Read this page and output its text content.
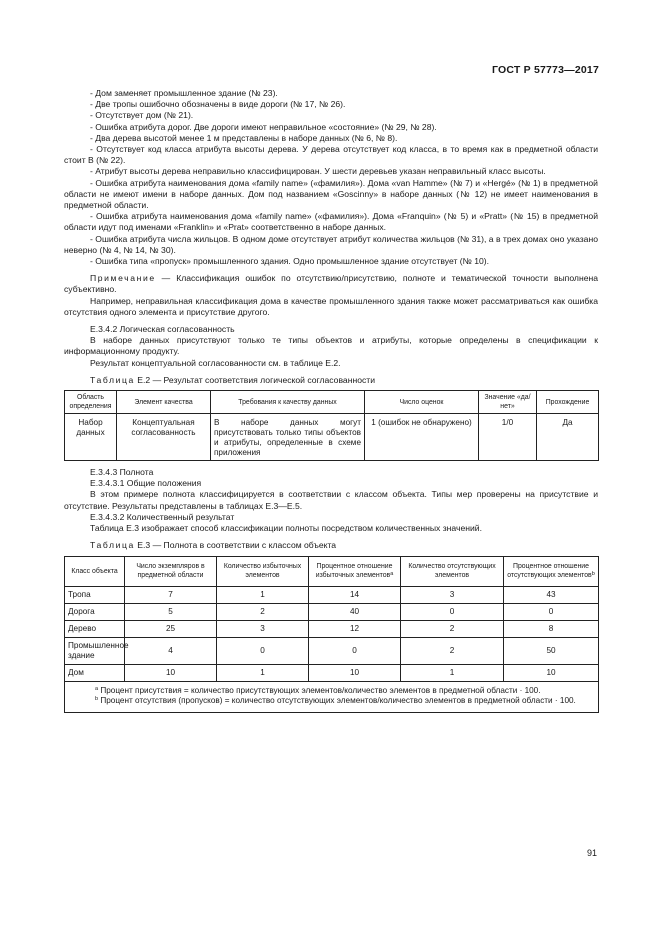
ГОСТ Р 57773—2017

- Дом заменяет промышленное здание (№ 23).

- Две тропы ошибочно обозначены в виде дороги (№ 17, № 26).

- Отсутствует дом (№ 21).

- Ошибка атрибута дорог. Две дороги имеют неправильное «состояние» (№ 29, № 28).

- Два дерева высотой менее 1 м представлены в наборе данных (№ 6, № 8).

- Отсутствует код класса атрибута высоты дерева. У дерева отсутствует код класса, в то время как в предметной области стоит В (№ 22).

- Атрибут высоты дерева неправильно классифицирован. У шести деревьев указан неправильный класс высоты.

- Ошибка атрибута наименования дома «family name» («фамилия»). Дома «van Hamme» (№ 7) и «Hergé» (№ 1) в предметной области не имеют имени в наборе данных. Дом под названием «Goscinny» в наборе данных (№ 12) не имеет наименования в предметной области.

- Ошибка атрибута наименования дома «family name» («фамилия»). Дома «Franquin» (№ 5) и «Pratt» (№ 15) в предметной области идут под именами «Franklin» и «Prat» соответственно в наборе данных.

- Ошибка атрибута числа жильцов. В одном доме отсутствует атрибут количества жильцов (№ 31), а в трех домах оно указано неверно (№ 4, № 14, № 30).

- Ошибка типа «пропуск» промышленного здания. Одно промышленное здание отсутствует (№ 10).

Примечание — Классификация ошибок по отсутствию/присутствию, полноте и тематической точности выполнена субъективно.

Например, неправильная классификация дома в качестве промышленного здания также может рассматриваться как ошибка отсутствия одного элемента и присутствие другого.

Е.3.4.2 Логическая согласованность

В наборе данных присутствуют только те типы объектов и атрибуты, которые определены в спецификации к информационному продукту.

Результат концептуальной согласованности см. в таблице Е.2.

Таблица Е.2 — Результат соответствия логической согласованности

Область определения	Элемент качества	Требования к качеству данных	Число оценок	Значение «да/нет»	Прохождение
Набор данных	Концептуальная согласованность	В наборе данных могут присутствовать только типы объектов и атрибуты, определенные в схеме приложения	1 (ошибок не обнаружено)	1/0	Да

Е.3.4.3 Полнота

Е.3.4.3.1 Общие положения

В этом примере полнота классифицируется в соответствии с классом объекта. Типы мер проверены на присутствие и отсутствие. Результаты представлены в таблицах Е.3—Е.5.

Е.3.4.3.2 Количественный результат

Таблица Е.3 изображает способ классификации полноты посредством количественных значений.

Таблица Е.3 — Полнота в соответствии с классом объекта

Класс объекта	Число экземпляров в предметной области	Количество избыточных элементов	Процентное отношение избыточных элементов$^a$	Количество отсутствующих элементов	Процентное отношение отсутствующих элементов$^b$
Тропа	7	1	14	3	43
Дорога	5	2	40	0	0
Дерево	25	3	12	2	8
Промышленное здание	4	0	0	2	50
Дом	10	1	10	1	10

$^a$ Процент присутствия = количество присутствующих элементов/количество элементов в предметной области · 100.

$^b$ Процент отсутствия (пропусков) = количество отсутствующих элементов/количество элементов в предметной области · 100.					

91
